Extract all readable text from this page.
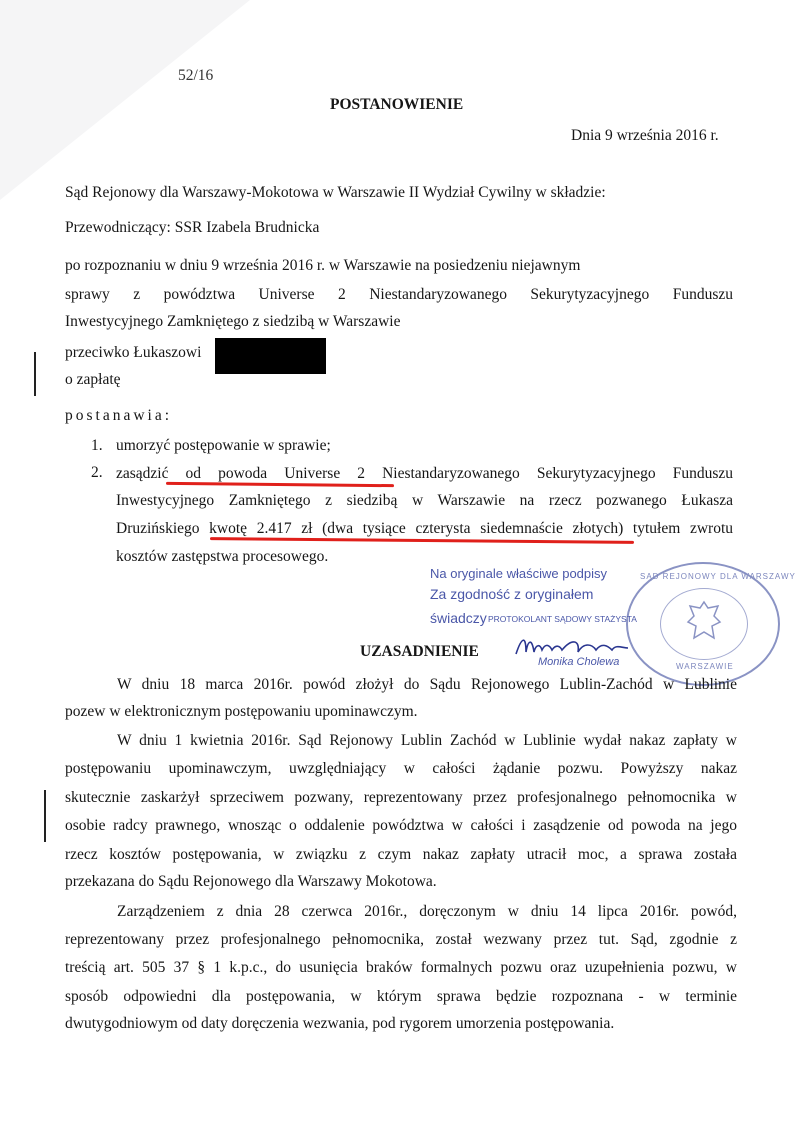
52/16
POSTANOWIENIE
Dnia 9 września 2016 r.
Sąd Rejonowy dla Warszawy-Mokotowa w Warszawie II Wydział Cywilny w składzie:
Przewodniczący: SSR Izabela Brudnicka
po rozpoznaniu w dniu 9 września 2016 r. w Warszawie na posiedzeniu niejawnym
sprawy z powództwa Universe 2 Niestandaryzowanego Sekurytyzacyjnego Funduszu
Inwestycyjnego Zamkniętego z siedzibą w Warszawie
przeciwko Łukaszowi
o zapłatę
postanawia:
1. umorzyć postępowanie w sprawie;
2. zasądzić od powoda Universe 2 Niestandaryzowanego Sekurytyzacyjnego Funduszu
Inwestycyjnego Zamkniętego z siedzibą w Warszawie na rzecz pozwanego Łukasza
Druzińskiego kwotę 2.417 zł (dwa tysiące czterysta siedemnaście złotych) tytułem zwrotu
kosztów zastępstwa procesowego.
SĄD REJONOWY DLA WARSZAWY
WARSZAWIE
Na oryginale właściwe podpisy
Za zgodność z oryginałem
świadczy PROTOKOLANT SĄDOWY STAŻYSTA
Monika Cholewa
UZASADNIENIE
W dniu 18 marca 2016r. powód złożył do Sądu Rejonowego Lublin-Zachód w Lublinie
pozew w elektronicznym postępowaniu upominawczym.
W dniu 1 kwietnia 2016r. Sąd Rejonowy Lublin Zachód w Lublinie wydał nakaz zapłaty w
postępowaniu upominawczym, uwzględniający w całości żądanie pozwu. Powyższy nakaz
skutecznie zaskarżył sprzeciwem pozwany, reprezentowany przez profesjonalnego pełnomocnika w
osobie radcy prawnego, wnosząc o oddalenie powództwa w całości i zasądzenie od powoda na jego
rzecz kosztów postępowania, w związku z czym nakaz zapłaty utracił moc, a sprawa została
przekazana do Sądu Rejonowego dla Warszawy Mokotowa.
Zarządzeniem z dnia 28 czerwca 2016r., doręczonym w dniu 14 lipca 2016r. powód,
reprezentowany przez profesjonalnego pełnomocnika, został wezwany przez tut. Sąd, zgodnie z
treścią art. 505 37 § 1 k.p.c., do usunięcia braków formalnych pozwu oraz uzupełnienia pozwu, w
sposób odpowiedni dla postępowania, w którym sprawa będzie rozpoznana - w terminie
dwutygodniowym od daty doręczenia wezwania, pod rygorem umorzenia postępowania.
